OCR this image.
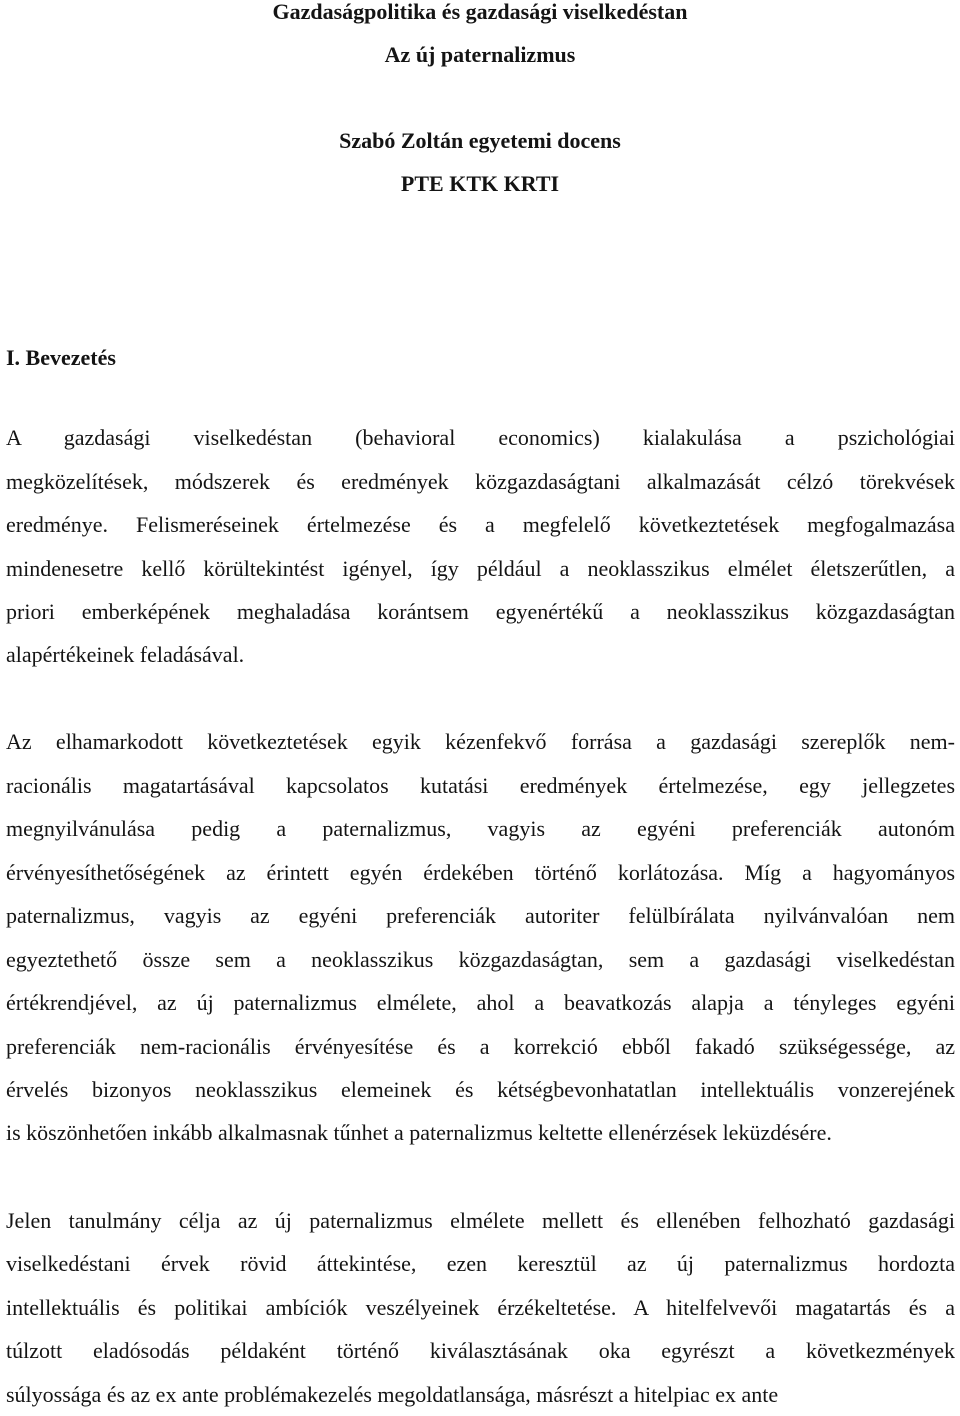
Gazdaságpolitika és gazdasági viselkedéstan
Az új paternalizmus
Szabó Zoltán egyetemi docens
PTE KTK KRTI
I. Bevezetés
A gazdasági viselkedéstan (behavioral economics) kialakulása a pszichológiai
megközelítések, módszerek és eredmények közgazdaságtani alkalmazását célzó törekvések
eredménye. Felismeréseinek értelmezése és a megfelelő következtetések megfogalmazása
mindenesetre kellő körültekintést igényel, így például a neoklasszikus elmélet életszerűtlen, a
priori emberképének meghaladása korántsem egyenértékű a neoklasszikus közgazdaságtan
alapértékeinek feladásával.
Az elhamarkodott következtetések egyik kézenfekvő forrása a gazdasági szereplők nem-
racionális magatartásával kapcsolatos kutatási eredmények értelmezése, egy jellegzetes
megnyilvánulása pedig a paternalizmus, vagyis az egyéni preferenciák autonóm
érvényesíthetőségének az érintett egyén érdekében történő korlátozása. Míg a hagyományos
paternalizmus, vagyis az egyéni preferenciák autoriter felülbírálata nyilvánvalóan nem
egyeztethető össze sem a neoklasszikus közgazdaságtan, sem a gazdasági viselkedéstan
értékrendjével, az új paternalizmus elmélete, ahol a beavatkozás alapja a tényleges egyéni
preferenciák nem-racionális érvényesítése és a korrekció ebből fakadó szükségessége, az
érvelés bizonyos neoklasszikus elemeinek és kétségbevonhatatlan intellektuális vonzerejének
is köszönhetően inkább alkalmasnak tűnhet a paternalizmus keltette ellenérzések leküzdésére.
Jelen tanulmány célja az új paternalizmus elmélete mellett és ellenében felhozható gazdasági
viselkedéstani érvek rövid áttekintése, ezen keresztül az új paternalizmus hordozta
intellektuális és politikai ambíciók veszélyeinek érzékeltetése. A hitelfelvevői magatartás és a
túlzott eladósodás példaként történő kiválasztásának oka egyrészt a következmények
súlyossága és az ex ante problémakezelés megoldatlansága, másrészt a hitelpiac ex ante
